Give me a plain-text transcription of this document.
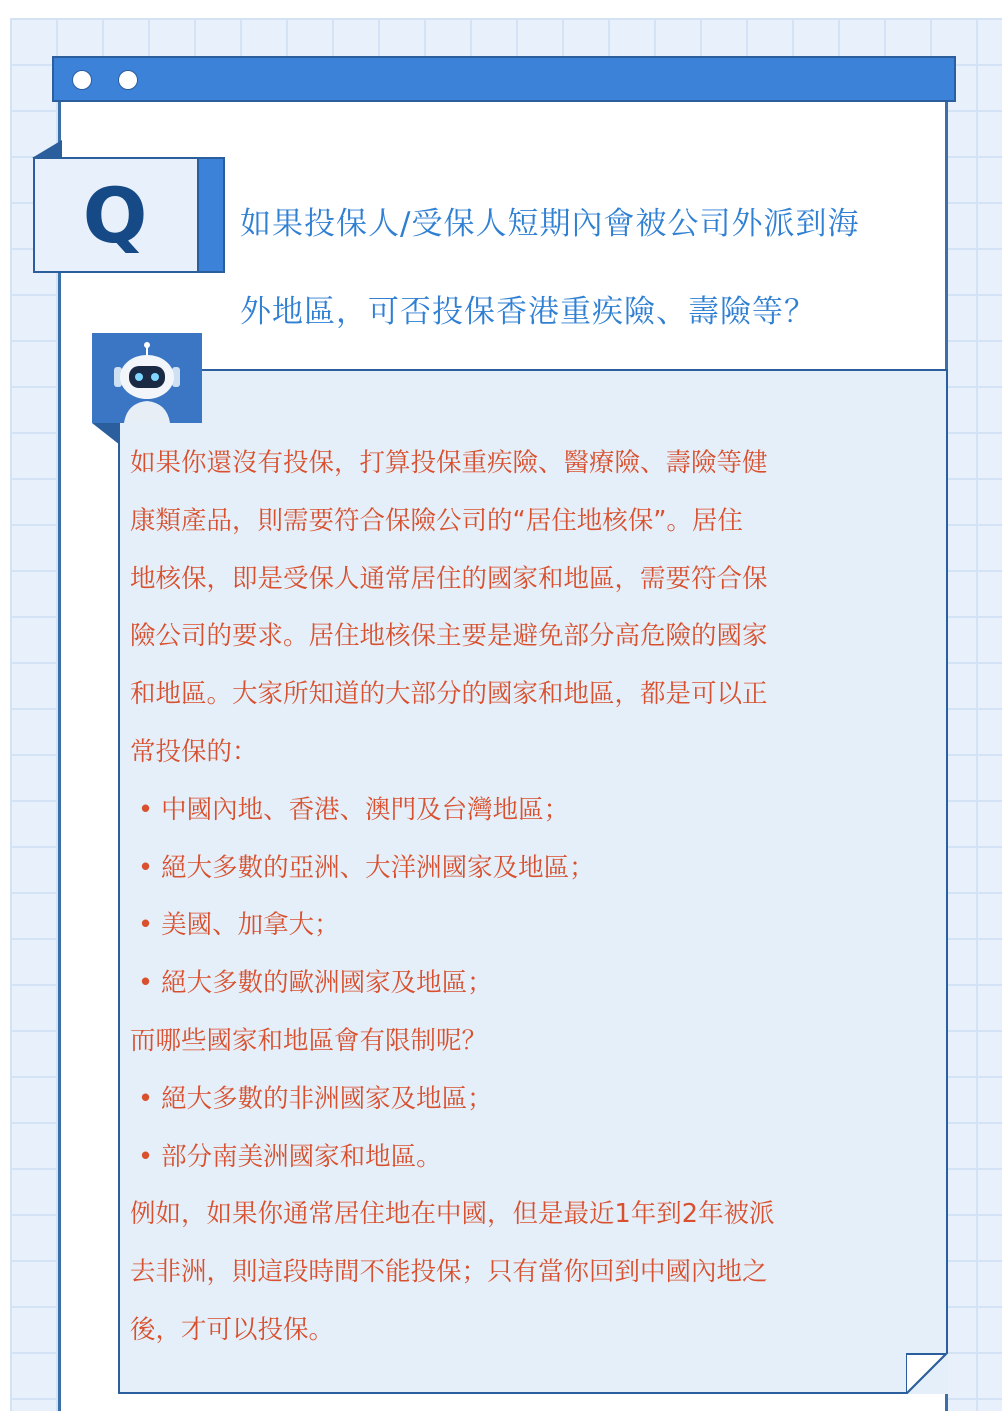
Q	如果投保人/受保人短期內會被公司外派到海
外地區，可否投保香港重疾險、壽險等？

如果你還沒有投保，打算投保重疾險、醫療險、壽險等健

康類產品，則需要符合保險公司的“居住地核保”。居住

地核保，即是受保人通常居住的國家和地區，需要符合保

險公司的要求。居住地核保主要是避免部分高危險的國家

和地區。大家所知道的大部分的國家和地區，都是可以正

常投保的：

• 中國內地、香港、澳門及台灣地區；

• 絕大多數的亞洲、大洋洲國家及地區；

• 美國、加拿大；

• 絕大多數的歐洲國家及地區；

而哪些國家和地區會有限制呢？

• 絕大多數的非洲國家及地區；

• 部分南美洲國家和地區。

例如，如果你通常居住地在中國，但是最近1年到2年被派

去非洲，則這段時間不能投保；只有當你回到中國內地之

後，才可以投保。
